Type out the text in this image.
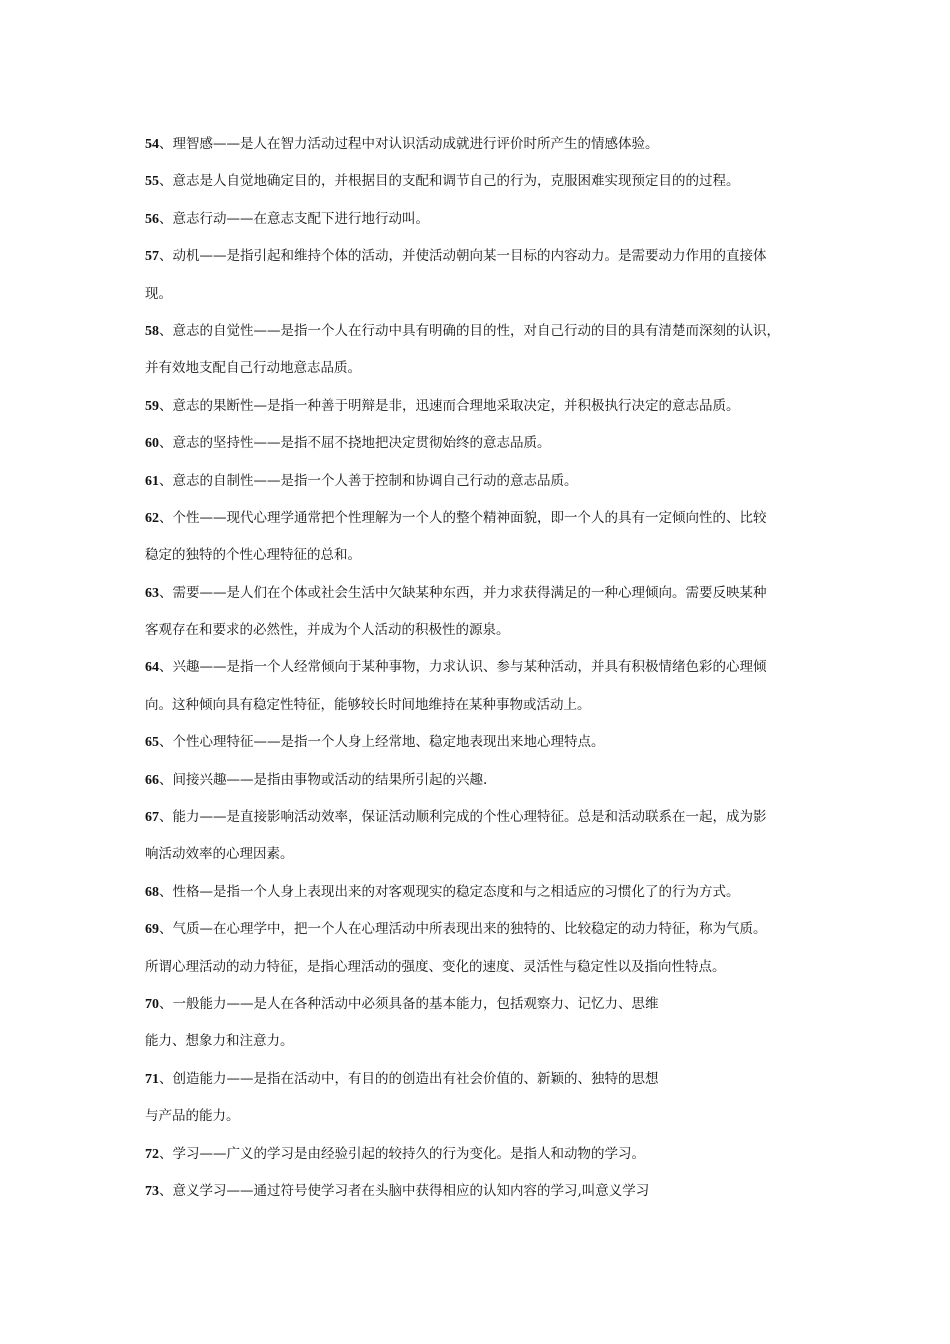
54、理智感——是人在智力活动过程中对认识活动成就进行评价时所产生的情感体验。
55、意志是人自觉地确定目的，并根据目的支配和调节自己的行为，克服困难实现预定目的的过程。
56、意志行动——在意志支配下进行地行动叫。
57、动机——是指引起和维持个体的活动，并使活动朝向某一目标的内容动力。是需要动力作用的直接体
现。
58、意志的自觉性——是指一个人在行动中具有明确的目的性，对自己行动的目的具有清楚而深刻的认识，
并有效地支配自己行动地意志品质。
59、意志的果断性—是指一种善于明辩是非，迅速而合理地采取决定，并积极执行决定的意志品质。
60、意志的坚持性——是指不屈不挠地把决定贯彻始终的意志品质。
61、意志的自制性——是指一个人善于控制和协调自己行动的意志品质。
62、个性——现代心理学通常把个性理解为一个人的整个精神面貌，即一个人的具有一定倾向性的、比较
稳定的独特的个性心理特征的总和。
63、需要——是人们在个体或社会生活中欠缺某种东西，并力求获得满足的一种心理倾向。需要反映某种
客观存在和要求的必然性，并成为个人活动的积极性的源泉。
64、兴趣——是指一个人经常倾向于某种事物，力求认识、参与某种活动，并具有积极情绪色彩的心理倾
向。这种倾向具有稳定性特征，能够较长时间地维持在某种事物或活动上。
65、个性心理特征——是指一个人身上经常地、稳定地表现出来地心理特点。
66、间接兴趣——是指由事物或活动的结果所引起的兴趣.
67、能力——是直接影响活动效率，保证活动顺利完成的个性心理特征。总是和活动联系在一起，成为影
响活动效率的心理因素。
68、性格—是指一个人身上表现出来的对客观现实的稳定态度和与之相适应的习惯化了的行为方式。
69、气质—在心理学中，把一个人在心理活动中所表现出来的独特的、比较稳定的动力特征，称为气质。
所谓心理活动的动力特征，是指心理活动的强度、变化的速度、灵活性与稳定性以及指向性特点。
70、一般能力——是人在各种活动中必须具备的基本能力，包括观察力、记忆力、思维
能力、想象力和注意力。
71、创造能力——是指在活动中，有目的的创造出有社会价值的、新颖的、独特的思想
与产品的能力。
72、学习——广义的学习是由经验引起的较持久的行为变化。是指人和动物的学习。
73、意义学习——通过符号使学习者在头脑中获得相应的认知内容的学习,叫意义学习
